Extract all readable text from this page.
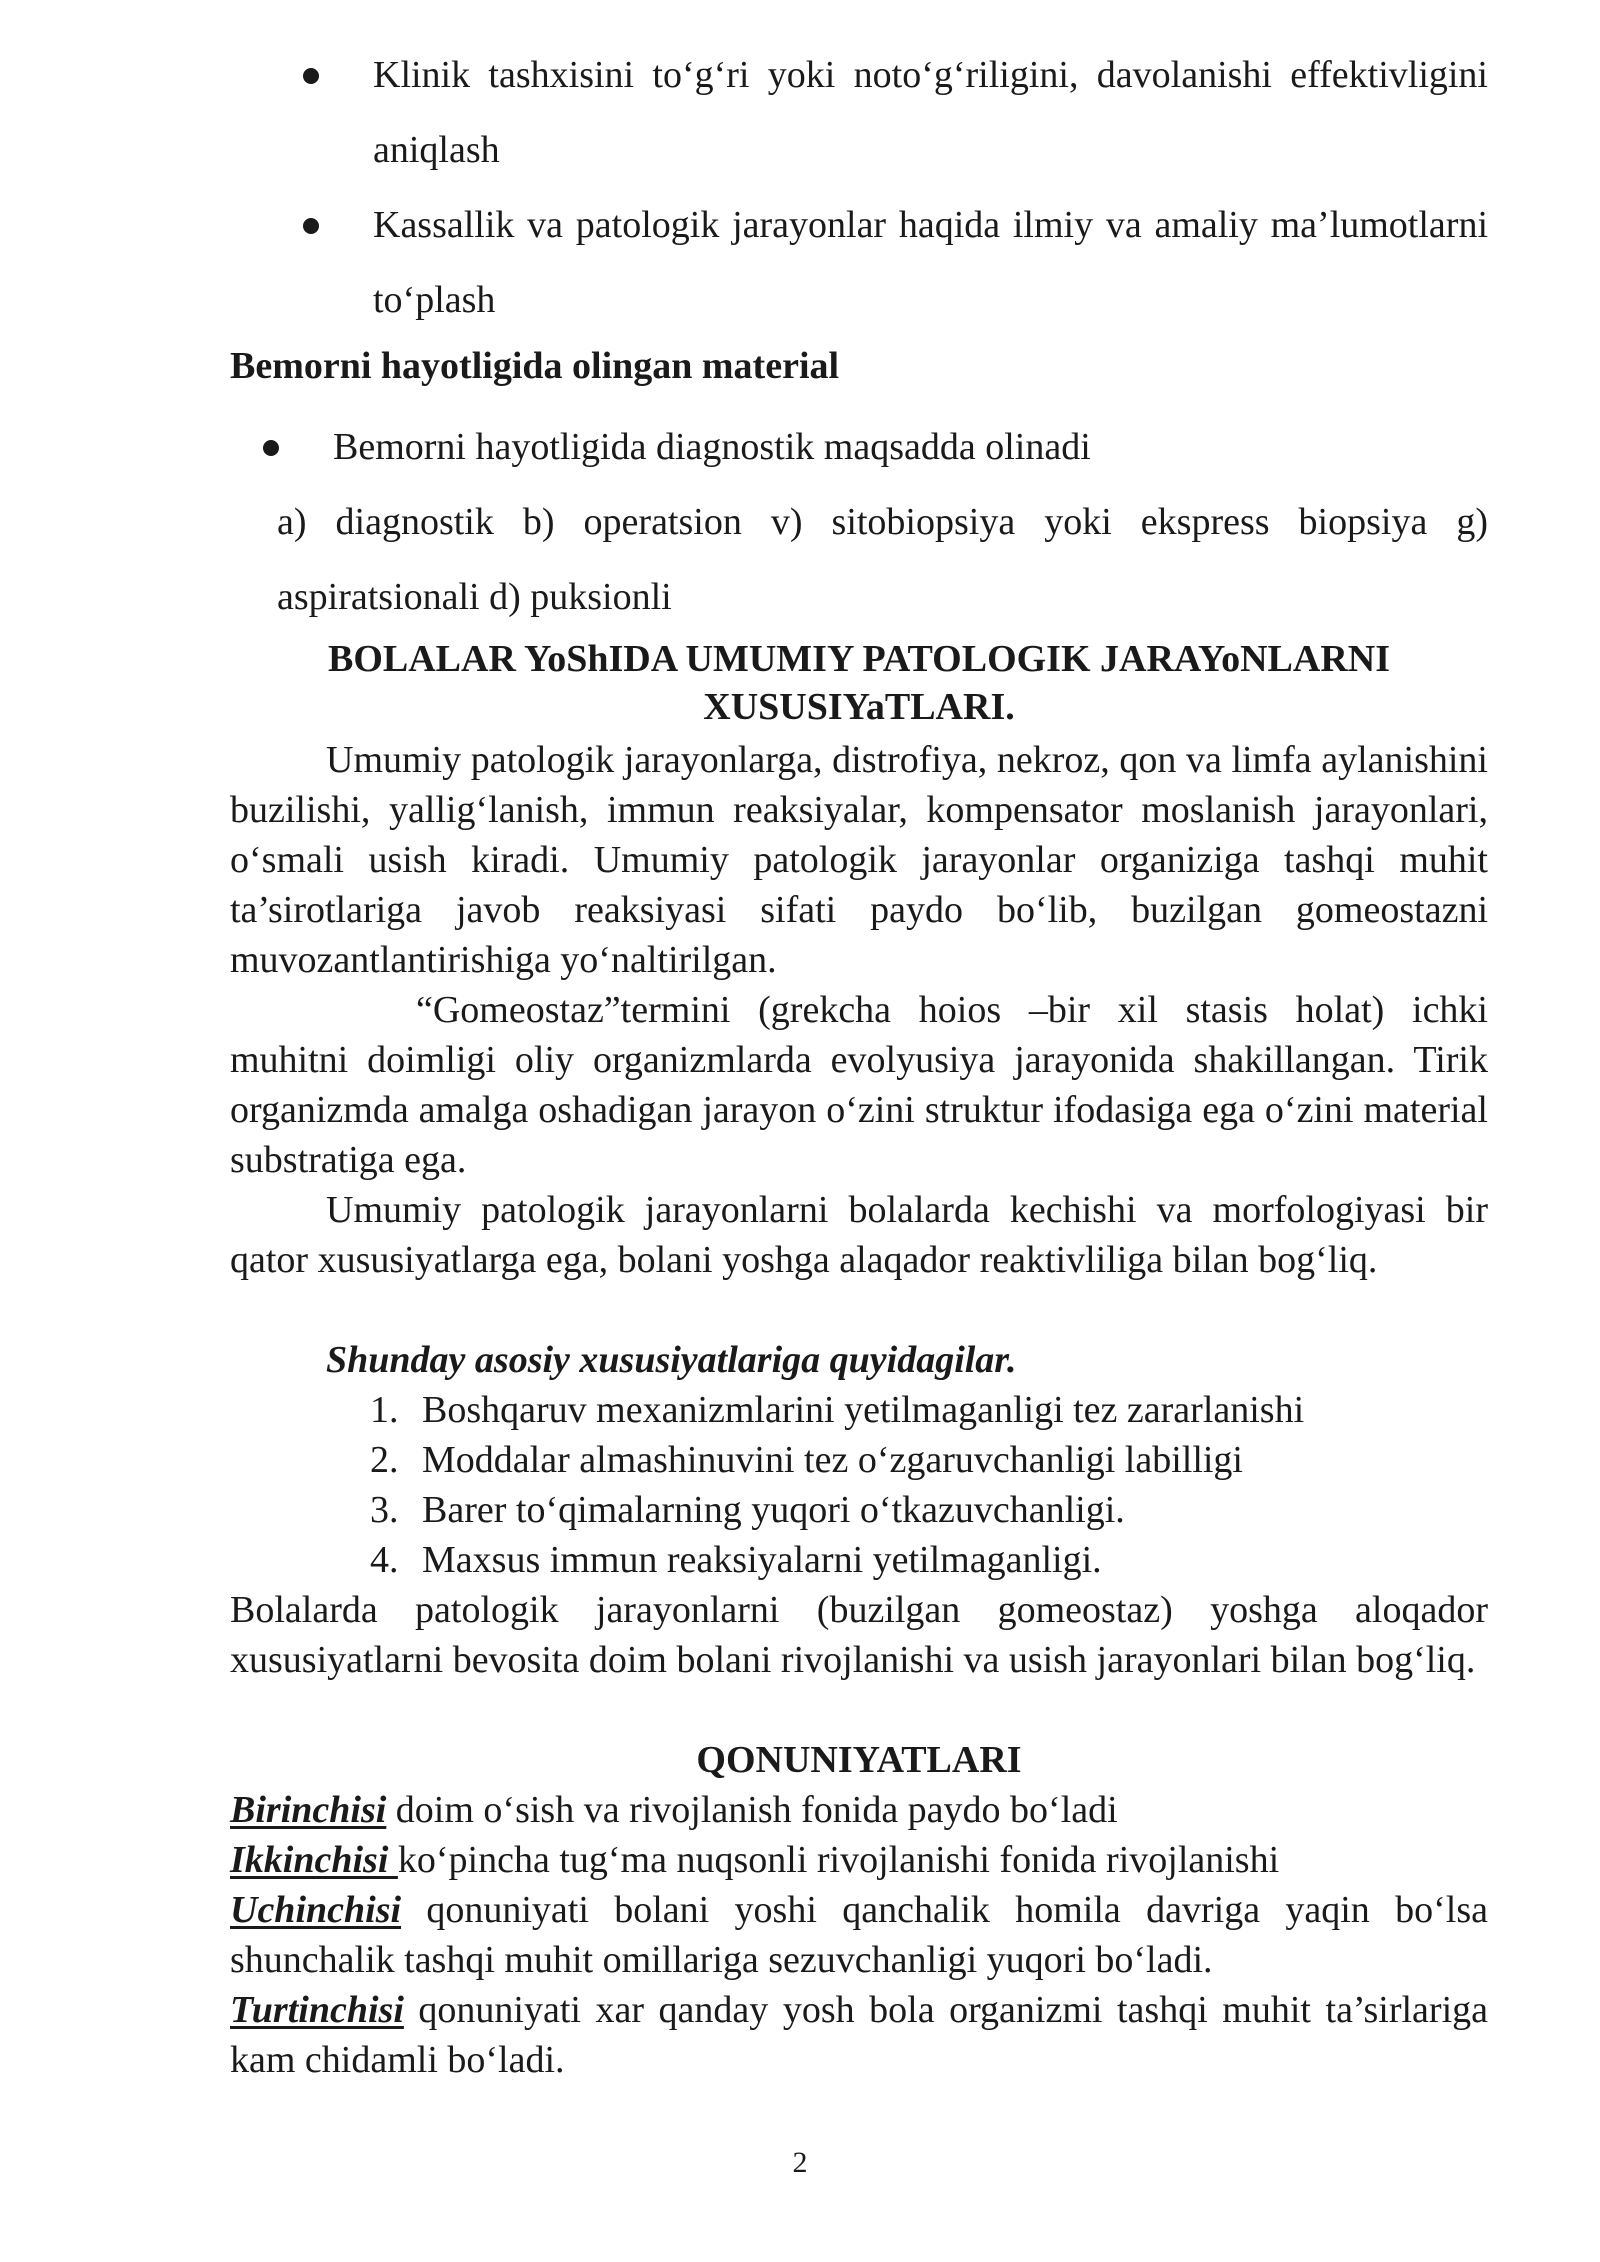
Klinik tashxisini to‘g‘ri yoki noto‘g‘riligini, davolanishi effektivligini aniqlash
Kassallik va patologik jarayonlar haqida ilmiy va amaliy ma’lumotlarni to‘plash
Bemorni hayotligida olingan material
Bemorni hayotligida diagnostik maqsadda olinadi
a) diagnostik b) operatsion v) sitobiopsiya yoki ekspress biopsiya g) aspiratsionali d) puksionli
BOLALAR YoShIDA UMUMIY PATOLOGIK JARAYoNLARNI
XUSUSIYaTLARI.
Umumiy patologik jarayonlarga, distrofiya, nekroz, qon va limfa aylanishini buzilishi, yallig‘lanish, immun reaksiyalar, kompensator moslanish jarayonlari, o‘smali usish kiradi. Umumiy patologik jarayonlar organiziga tashqi muhit ta’sirotlariga javob reaksiyasi sifati paydo bo‘lib, buzilgan gomeostazni muvozantlantirishiga yo‘naltirilgan.
“Gomeostaz”termini (grekcha hoios –bir xil stasis holat) ichki muhitni doimligi oliy organizmlarda evolyusiya jarayonida shakillangan. Tirik organizmda amalga oshadigan jarayon o‘zini struktur ifodasiga ega o‘zini material substratiga ega.
Umumiy patologik jarayonlarni bolalarda kechishi va morfologiyasi bir qator xususiyatlarga ega, bolani yoshga alaqador reaktivliliga bilan bog‘liq.
Shunday asosiy xususiyatlariga quyidagilar.
1. Boshqaruv mexanizmlarini yetilmaganligi tez zararlanishi
2. Moddalar almashinuvini tez o‘zgaruvchanligi labilligi
3. Barer to‘qimalarning yuqori o‘tkazuvchanligi.
4. Maxsus immun reaksiyalarni yetilmaganligi.
Bolalarda patologik jarayonlarni (buzilgan gomeostaz) yoshga aloqador xususiyatlarni bevosita doim bolani rivojlanishi va usish jarayonlari bilan bog‘liq.
QONUNIYATLARI
Birinchisi doim o‘sish va rivojlanish fonida paydo bo‘ladi
Ikkinchisi ko‘pincha tug‘ma nuqsonli rivojlanishi fonida rivojlanishi
Uchinchisi qonuniyati bolani yoshi qanchalik homila davriga yaqin bo‘lsa shunchalik tashqi muhit omillariga sezuvchanligi yuqori bo‘ladi.
Turtinchisi qonuniyati xar qanday yosh bola organizmi tashqi muhit ta’sirlariga kam chidamli bo‘ladi.
2
